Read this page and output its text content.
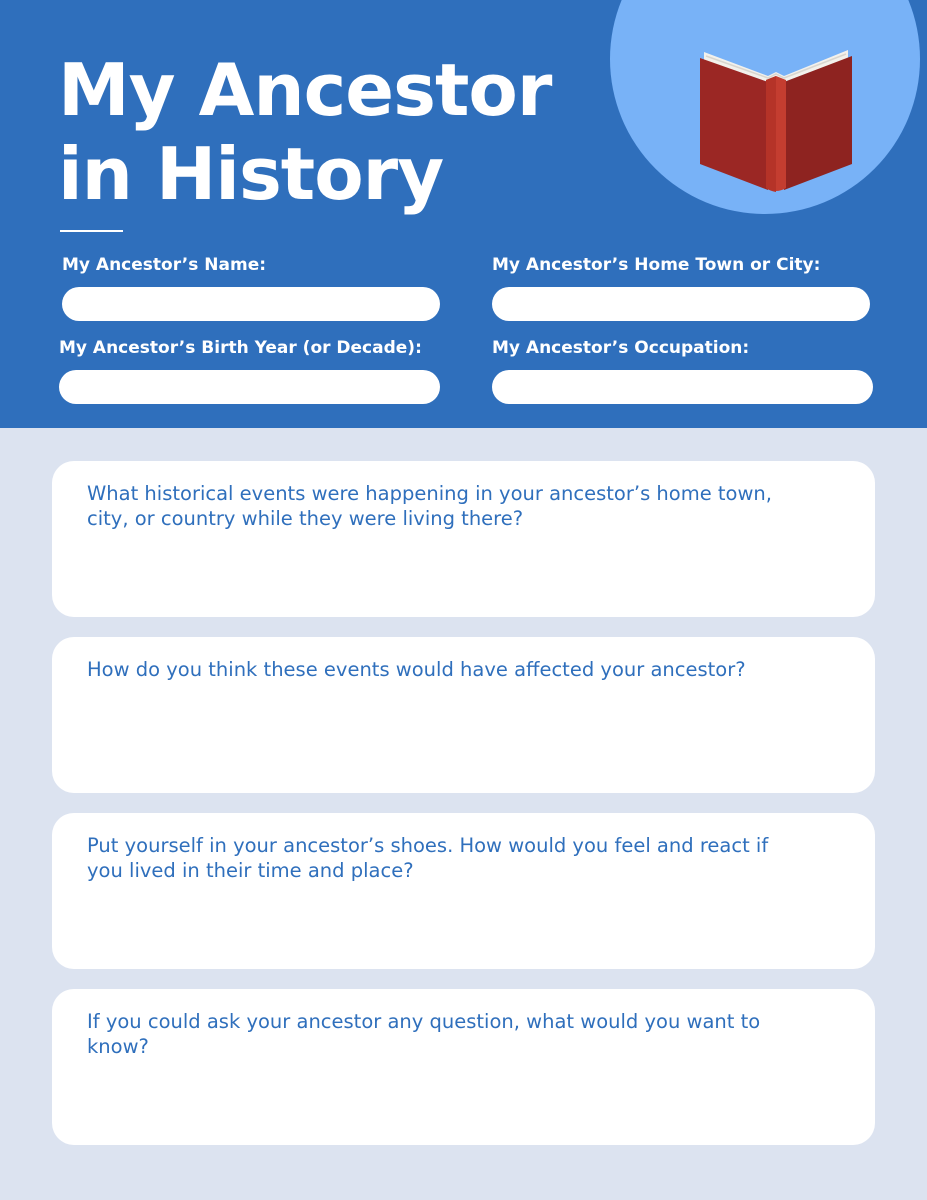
My Ancestor
in History
My Ancestor’s Name:	My Ancestor’s Home Town or City:
My Ancestor’s Birth Year (or Decade):	My Ancestor’s Occupation:
What historical events were happening in your ancestor’s home town, city, or country while they were living there?
How do you think these events would have affected your ancestor?
Put yourself in your ancestor’s shoes. How would you feel and react if you lived in their time and place?
If you could ask your ancestor any question, what would you want to know?
